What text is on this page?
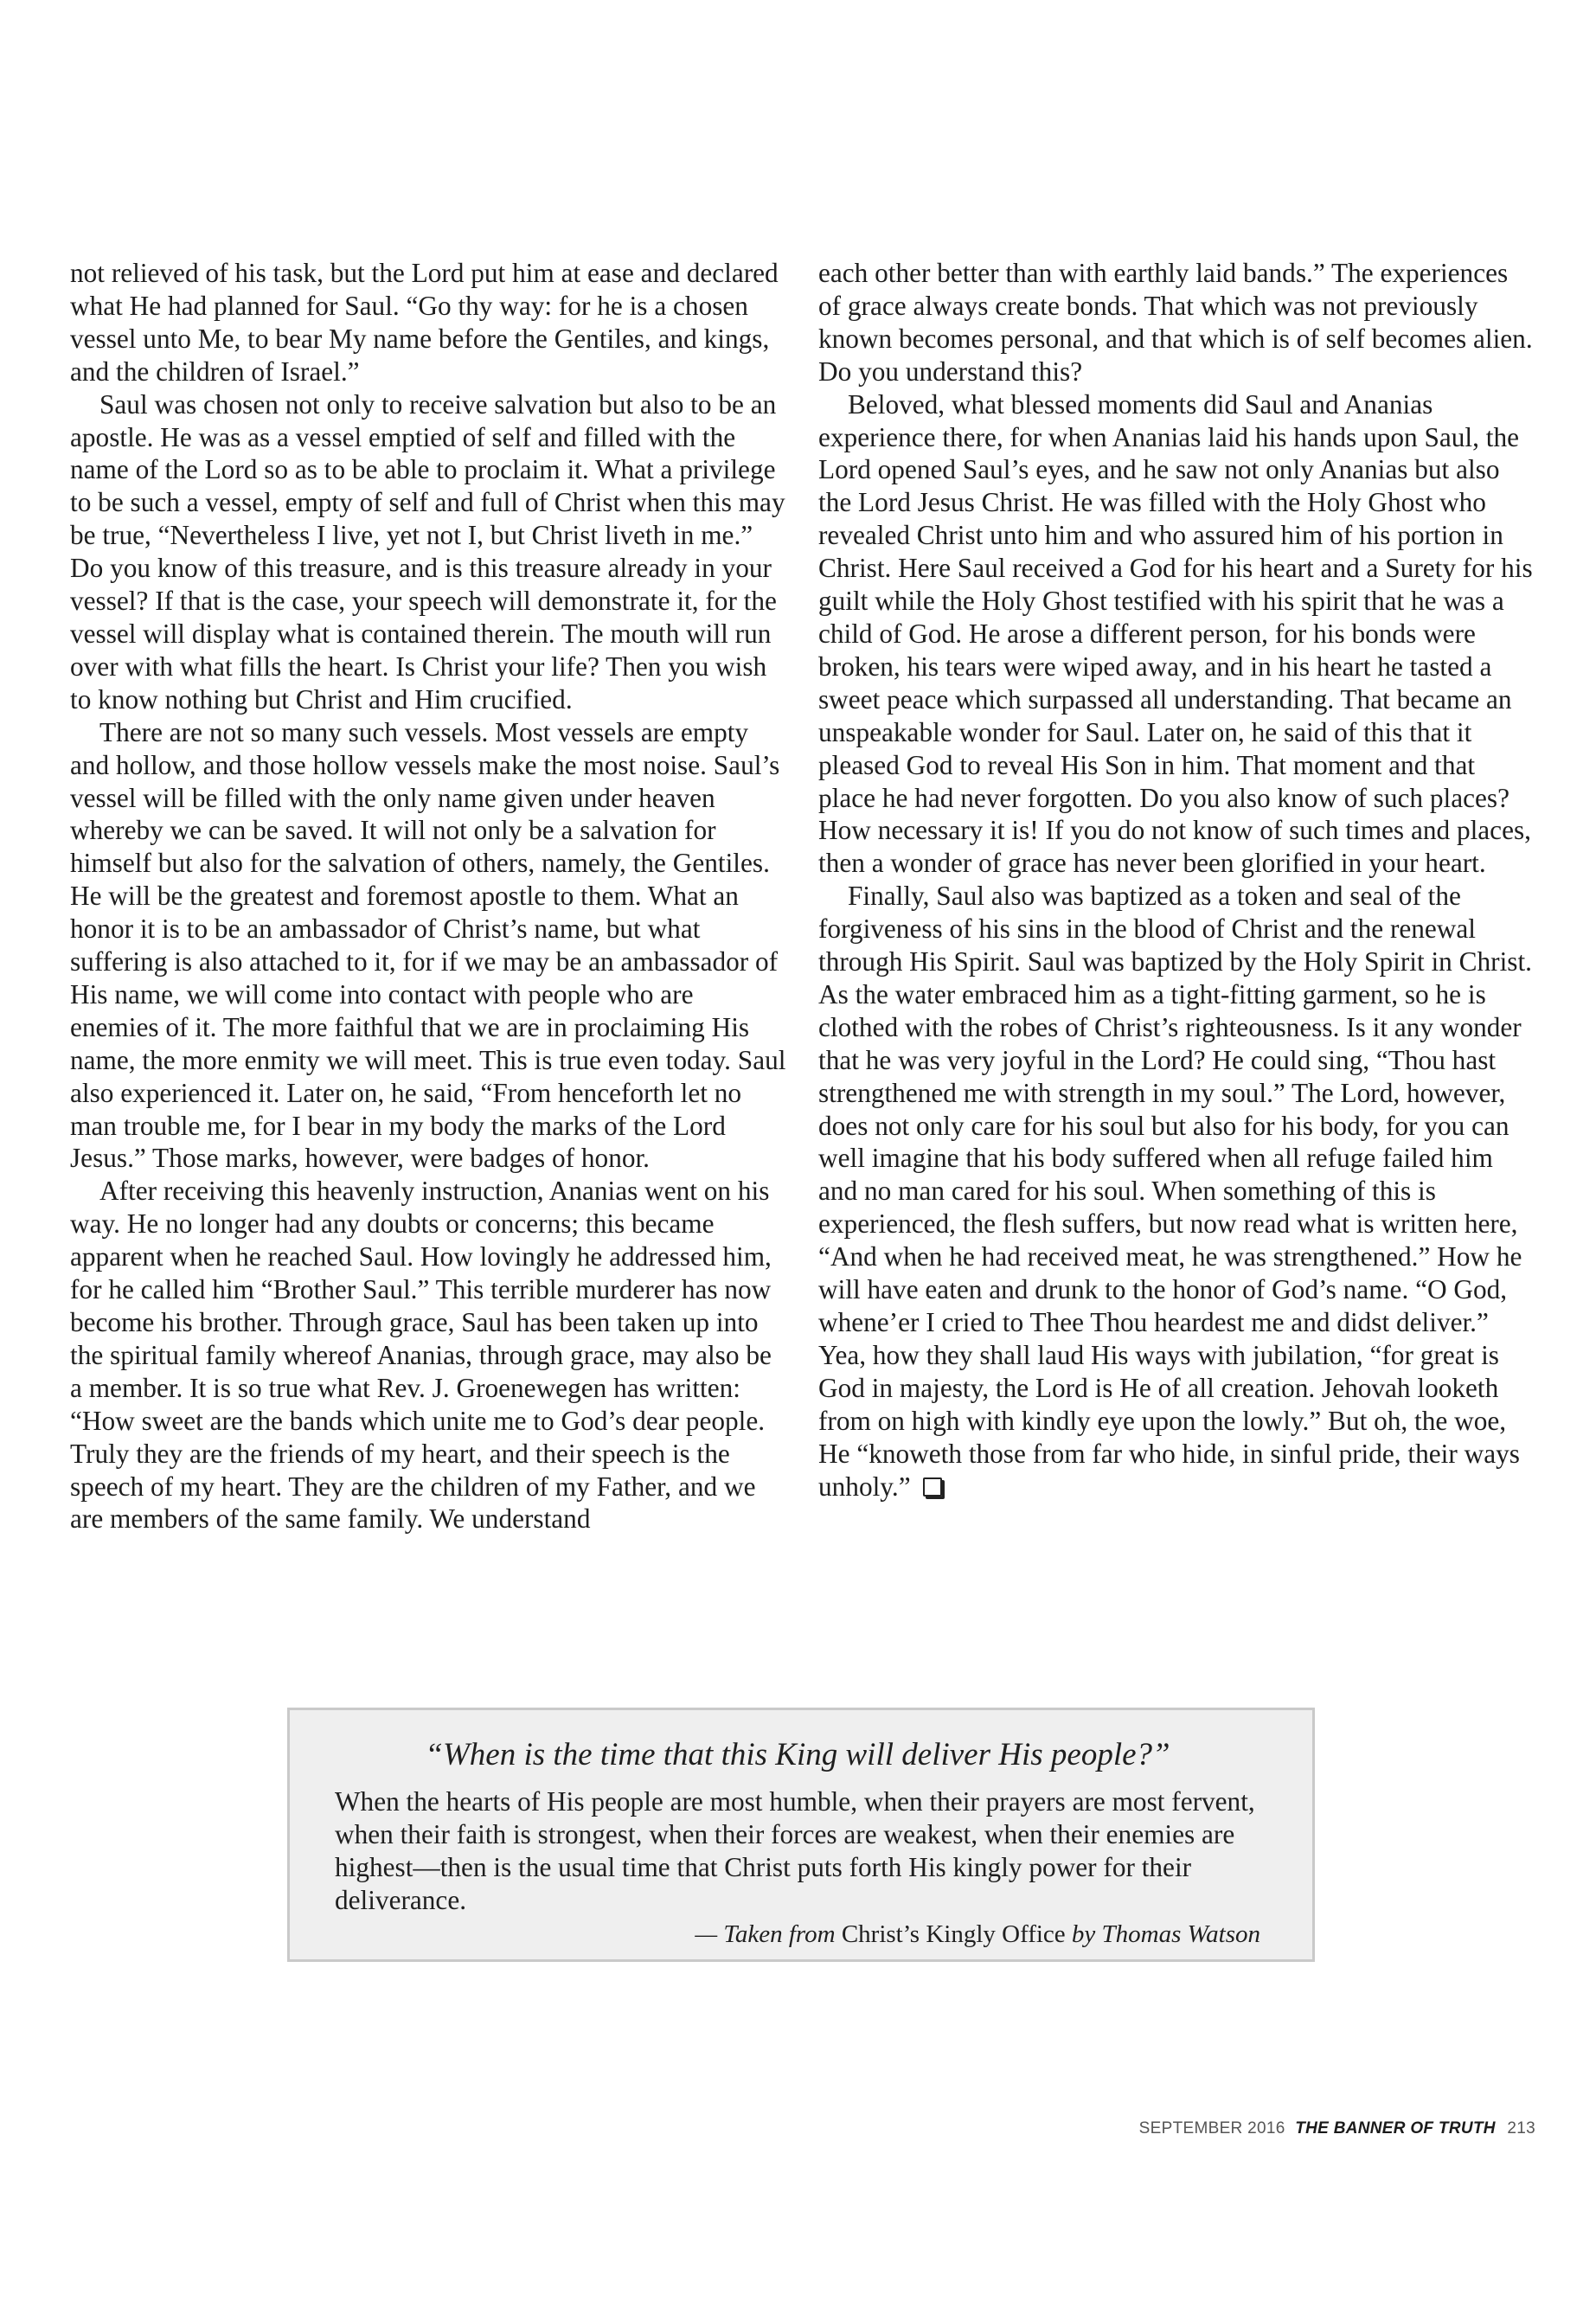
not relieved of his task, but the Lord put him at ease and declared what He had planned for Saul. “Go thy way: for he is a chosen vessel unto Me, to bear My name before the Gentiles, and kings, and the children of Israel.”

Saul was chosen not only to receive salvation but also to be an apostle. He was as a vessel emptied of self and filled with the name of the Lord so as to be able to proclaim it. What a privilege to be such a vessel, empty of self and full of Christ when this may be true, “Nevertheless I live, yet not I, but Christ liveth in me.” Do you know of this treasure, and is this treasure already in your vessel? If that is the case, your speech will demonstrate it, for the vessel will display what is contained therein. The mouth will run over with what fills the heart. Is Christ your life? Then you wish to know nothing but Christ and Him crucified.

There are not so many such vessels. Most vessels are empty and hollow, and those hollow vessels make the most noise. Saul’s vessel will be filled with the only name given under heaven whereby we can be saved. It will not only be a salvation for himself but also for the salvation of others, namely, the Gentiles. He will be the greatest and foremost apostle to them. What an honor it is to be an ambassador of Christ’s name, but what suffering is also attached to it, for if we may be an ambassador of His name, we will come into contact with people who are enemies of it. The more faithful that we are in proclaiming His name, the more enmity we will meet. This is true even today. Saul also experienced it. Later on, he said, “From henceforth let no man trouble me, for I bear in my body the marks of the Lord Jesus.” Those marks, however, were badges of honor.

After receiving this heavenly instruction, Ananias went on his way. He no longer had any doubts or concerns; this became apparent when he reached Saul. How lovingly he addressed him, for he called him “Brother Saul.” This terrible murderer has now become his brother. Through grace, Saul has been taken up into the spiritual family whereof Ananias, through grace, may also be a member. It is so true what Rev. J. Groenewegen has written: “How sweet are the bands which unite me to God’s dear people. Truly they are the friends of my heart, and their speech is the speech of my heart. They are the children of my Father, and we are members of the same family. We understand

each other better than with earthly laid bands.” The experiences of grace always create bonds. That which was not previously known becomes personal, and that which is of self becomes alien. Do you understand this?

Beloved, what blessed moments did Saul and Ananias experience there, for when Ananias laid his hands upon Saul, the Lord opened Saul’s eyes, and he saw not only Ananias but also the Lord Jesus Christ. He was filled with the Holy Ghost who revealed Christ unto him and who assured him of his portion in Christ. Here Saul received a God for his heart and a Surety for his guilt while the Holy Ghost testified with his spirit that he was a child of God. He arose a different person, for his bonds were broken, his tears were wiped away, and in his heart he tasted a sweet peace which surpassed all understanding. That became an unspeakable wonder for Saul. Later on, he said of this that it pleased God to reveal His Son in him. That moment and that place he had never forgotten. Do you also know of such places? How necessary it is! If you do not know of such times and places, then a wonder of grace has never been glorified in your heart.

Finally, Saul also was baptized as a token and seal of the forgiveness of his sins in the blood of Christ and the renewal through His Spirit. Saul was baptized by the Holy Spirit in Christ. As the water embraced him as a tight-fitting garment, so he is clothed with the robes of Christ’s righteousness. Is it any wonder that he was very joyful in the Lord? He could sing, “Thou hast strengthened me with strength in my soul.” The Lord, however, does not only care for his soul but also for his body, for you can well imagine that his body suffered when all refuge failed him and no man cared for his soul. When something of this is experienced, the flesh suffers, but now read what is written here, “And when he had received meat, he was strengthened.” How he will have eaten and drunk to the honor of God’s name. “O God, whene’er I cried to Thee Thou heardest me and didst deliver.” Yea, how they shall laud His ways with jubilation, “for great is God in majesty, the Lord is He of all creation. Jehovah looketh from on high with kindly eye upon the lowly.” But oh, the woe, He “knoweth those from far who hide, in sinful pride, their ways unholy.”

“When is the time that this King will deliver His people?”

When the hearts of His people are most humble, when their prayers are most fervent, when their faith is strongest, when their forces are weakest, when their enemies are highest—then is the usual time that Christ puts forth His kingly power for their deliverance.

— Taken from Christ’s Kingly Office by Thomas Watson

SEPTEMBER 2016 THE BANNER OF TRUTH 213
